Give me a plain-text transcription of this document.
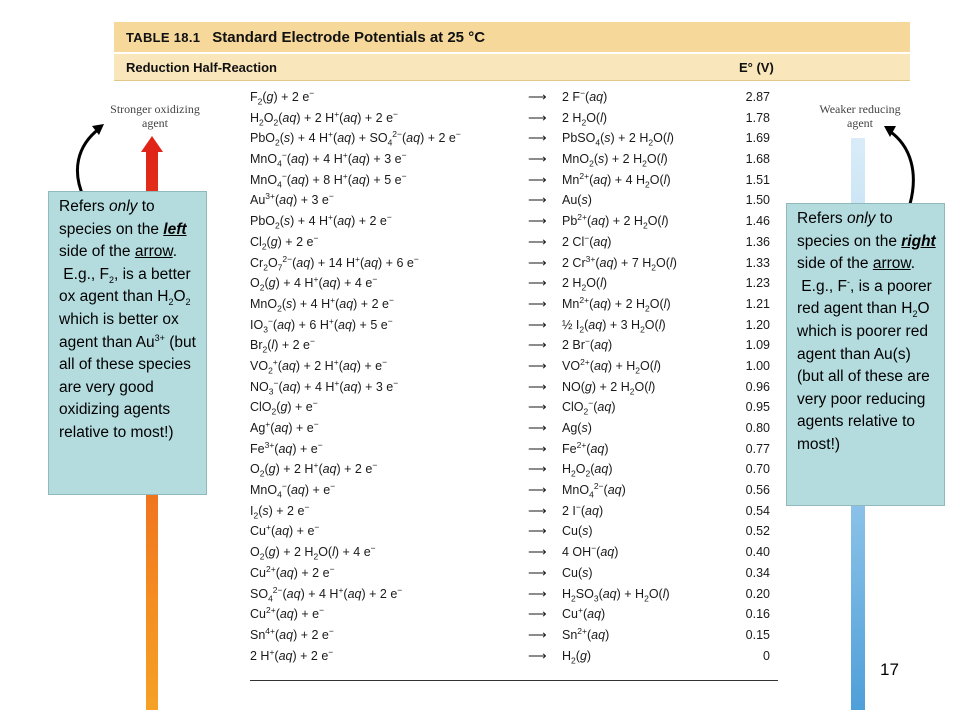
TABLE 18.1 Standard Electrode Potentials at 25 °C
Reduction Half-Reaction	E° (V)
Stronger oxidizing agent
Weaker reducing agent
$F_2(g) + 2$ e−	⟶ 2 F−(aq)	2.87
$H_2O_2(aq) + 2$ H+(aq) + 2 e−	⟶ 2 $H_2O(l)$	1.78
PbO$_2$(s) + 4 $H^+(aq) + SO_4^{2-}(aq) + 2$ e−	⟶ PbSO$_4$(s) + 2 $H_2O(l)$	1.69
MnO$_4$−(aq) + 4 H+(aq) + 3 e−	⟶ MnO$_2$(s) + 2 $H_2O(l)$	1.68
MnO$_4$−(aq) + 8 H+(aq) + 5 e−	⟶ $Mn^{2+}(aq) + 4$ $H_2O(l)$	1.51
$Au^{3+}(aq) + 3$ e−	⟶ Au(s)	1.50
PbO$_2$(s) + 4 H+(aq) + 2 e−	⟶ $Pb^{2+}(aq) + 2$ $H_2O(l)$	1.46
$Cl_2(g) + 2$ e−	⟶ 2 Cl−(aq)	1.36
$Cr_2O_7^{2-}(aq) + 14$ H+(aq) + 6 e−	⟶ 2 $Cr^{3+}(aq) + 7$ $H_2O(l)$	1.33
$O_2(g) + 4$ H+(aq) + 4 e−	⟶ 2 $H_2O(l)$	1.23
MnO$_2$(s) + 4 H+(aq) + 2 e−	⟶ $Mn^{2+}(aq) + 2$ $H_2O(l)$	1.21
$IO_3^-(aq) + 6$ H+(aq) + 5 e−	⟶ ½ $I_2(aq) + 3$ $H_2O(l)$	1.20
$Br_2(l) + 2$ e−	⟶ 2 Br−(aq)	1.09
$VO_2^+(aq) + 2$ H+(aq) + e−	⟶ $VO^{2+}(aq) + H_2O(l)$	1.00
$NO_3^-(aq) + 4$ H+(aq) + 3 e−	⟶ NO(g) + 2 $H_2O(l)$	0.96
ClO$_2$(g) + e−	⟶ ClO$_2$−(aq)	0.95
Ag+(aq) + e−	⟶ Ag(s)	0.80
$Fe^{3+}(aq) + e^-$	⟶ $Fe^{2+}(aq)$	0.77
$O_2(g) + 2$ H+(aq) + 2 e−	⟶ $H_2O_2(aq)$	0.70
MnO$_4$−(aq) + e−	⟶ MnO$_4^{2-}$(aq)	0.56
$I_2(s) + 2$ e−	⟶ 2 I−(aq)	0.54
Cu+(aq) + e−	⟶ Cu(s)	0.52
$O_2(g) + 2$ $H_2O(l) + 4$ e−	⟶ 4 OH−(aq)	0.40
$Cu^{2+}(aq) + 2$ e−	⟶ Cu(s)	0.34
$SO_4^{2-}(aq) + 4$ H+(aq) + 2 e−	⟶ $H_2SO_3(aq) + H_2O(l)$	0.20
$Cu^{2+}(aq) + e^-$	⟶ Cu+(aq)	0.16
$Sn^{4+}(aq) + 2$ e−	⟶ $Sn^{2+}(aq)$	0.15
2 H+(aq) + 2 e−	⟶ $H_2(g)$	0
Refers only to species on the left side of the arrow.  E.g., $F_2$, is a better ox agent than $H_2O_2$ which is better ox agent than $Au^{3+}$ (but all of these species are very good oxidizing agents relative to most!)
Refers only to species on the right side of the arrow.  E.g., F-, is a poorer red agent than $H_2O$ which is poorer red agent than Au(s) (but all of these are very poor reducing agents relative to most!)
17
